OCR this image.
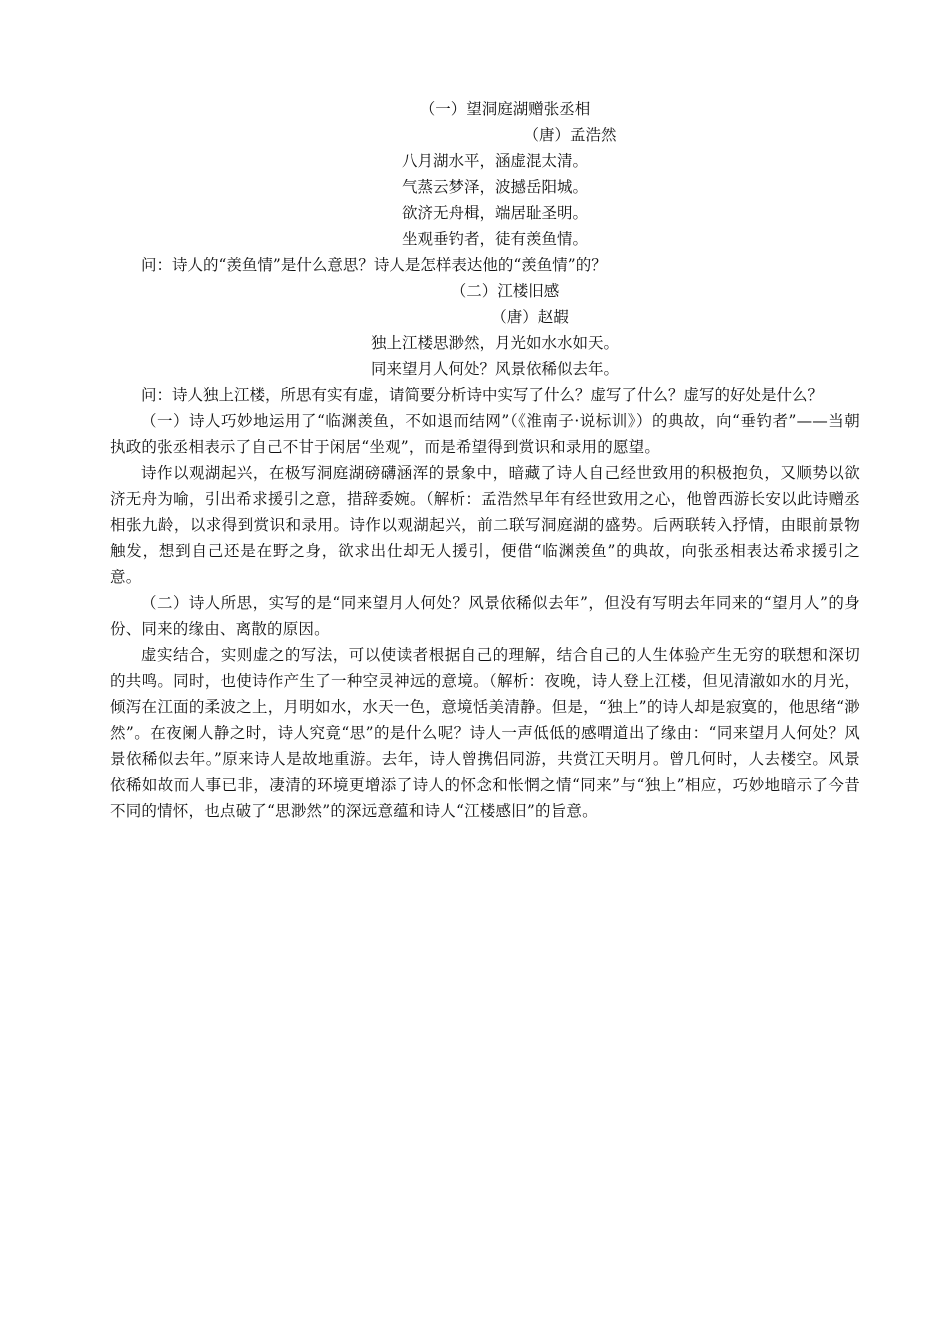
（一）望洞庭湖赠张丞相
（唐）孟浩然
八月湖水平，涵虚混太清。
气蒸云梦泽，波撼岳阳城。
欲济无舟楫，端居耻圣明。
坐观垂钓者，徒有羡鱼情。

问：诗人的“羡鱼情”是什么意思？诗人是怎样表达他的“羡鱼情”的？

（二）江楼旧感
（唐）赵嘏
独上江楼思渺然，月光如水水如天。
同来望月人何处？风景依稀似去年。

问：诗人独上江楼，所思有实有虚，请简要分析诗中实写了什么？虚写了什么？虚写的好处是什么？

（一）诗人巧妙地运用了“临渊羡鱼，不如退而结网”（《淮南子·说标训》）的典故，向“垂钓者”——当朝执政的张丞相表示了自己不甘于闲居“坐观”，而是希望得到赏识和录用的愿望。

诗作以观湖起兴，在极写洞庭湖磅礴涵浑的景象中，暗藏了诗人自己经世致用的积极抱负，又顺势以欲济无舟为喻，引出希求援引之意，措辞委婉。（解析：孟浩然早年有经世致用之心，他曾西游长安以此诗赠丞相张九龄，以求得到赏识和录用。诗作以观湖起兴，前二联写洞庭湖的盛势。后两联转入抒情，由眼前景物触发，想到自己还是在野之身，欲求出仕却无人援引，便借“临渊羡鱼”的典故，向张丞相表达希求援引之意。

（二）诗人所思，实写的是“同来望月人何处？风景依稀似去年”，但没有写明去年同来的“望月人”的身份、同来的缘由、离散的原因。

虚实结合，实则虚之的写法，可以使读者根据自己的理解，结合自己的人生体验产生无穷的联想和深切的共鸣。同时，也使诗作产生了一种空灵神远的意境。（解析：夜晚，诗人登上江楼，但见清澈如水的月光，倾泻在江面的柔波之上，月明如水，水天一色，意境恬美清静。但是，“独上”的诗人却是寂寞的，他思绪“渺然”。在夜阑人静之时，诗人究竟“思”的是什么呢？诗人一声低低的感喟道出了缘由：“同来望月人何处？风景依稀似去年。”原来诗人是故地重游。去年，诗人曾携侣同游，共赏江天明月。曾几何时，人去楼空。风景依稀如故而人事已非，凄清的环境更增添了诗人的怀念和怅惘之情“同来”与“独上”相应，巧妙地暗示了今昔不同的情怀，也点破了“思渺然”的深远意蕴和诗人“江楼感旧”的旨意。
